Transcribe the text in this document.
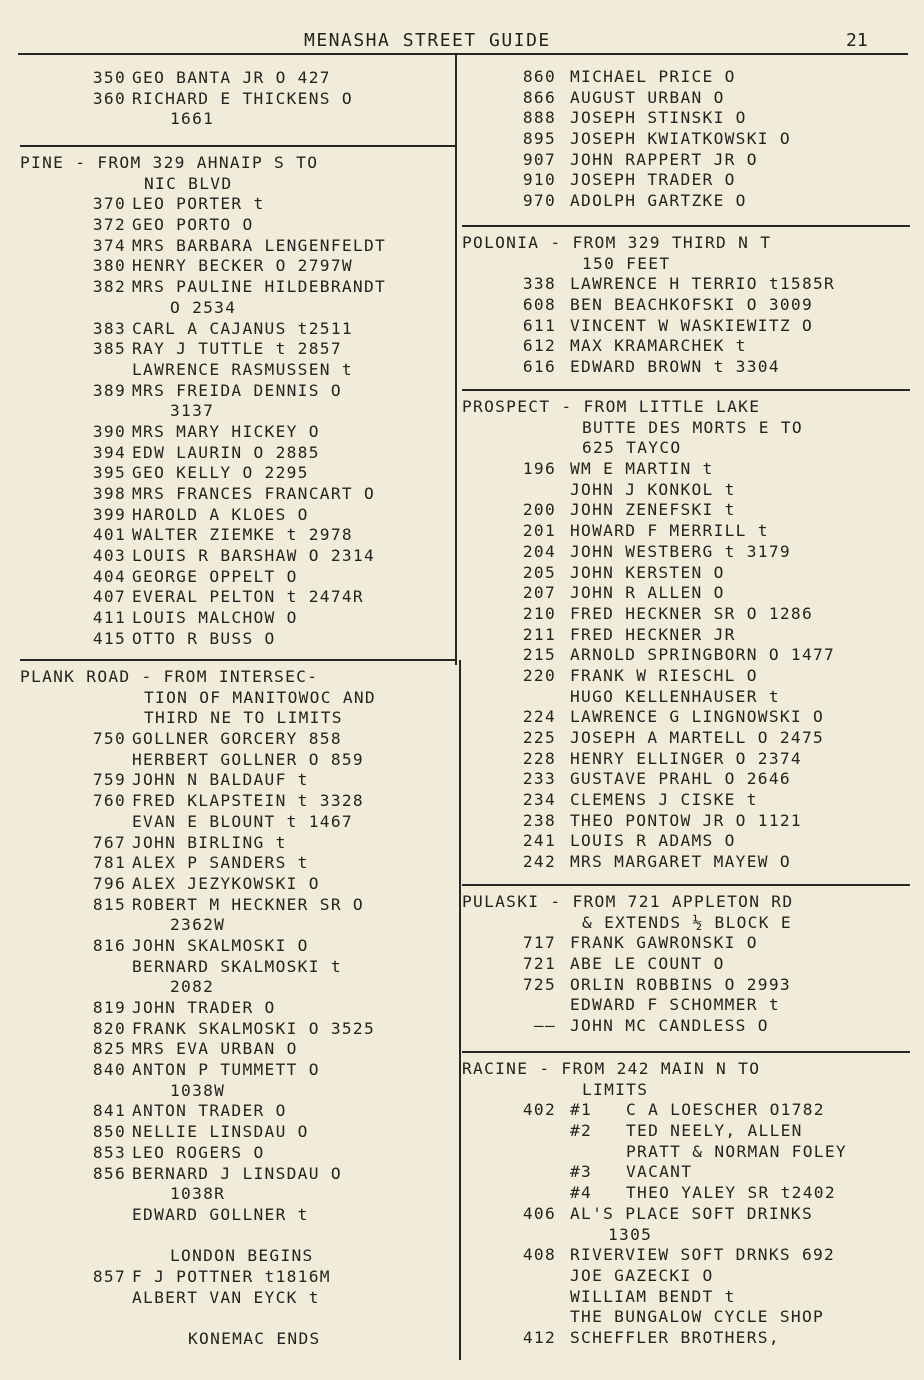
MENASHA STREET GUIDE	21
350 GEO BANTA JR O 427
360 RICHARD E THICKENS O
1661
PINE - FROM 329 AHNAIP S TO
NIC BLVD
370 LEO PORTER t
372 GEO PORTO O
374 MRS BARBARA LENGENFELDT
380 HENRY BECKER O 2797W
382 MRS PAULINE HILDEBRANDT
O 2534
383 CARL A CAJANUS t2511
385 RAY J TUTTLE t 2857
LAWRENCE RASMUSSEN t
389 MRS FREIDA DENNIS O
3137
390 MRS MARY HICKEY O
394 EDW LAURIN O 2885
395 GEO KELLY O 2295
398 MRS FRANCES FRANCART O
399 HAROLD A KLOES O
401 WALTER ZIEMKE t 2978
403 LOUIS R BARSHAW O 2314
404 GEORGE OPPELT O
407 EVERAL PELTON t 2474R
411 LOUIS MALCHOW O
415 OTTO R BUSS O
PLANK ROAD - FROM INTERSEC-
TION OF MANITOWOC AND
THIRD NE TO LIMITS
750 GOLLNER GORCERY 858
HERBERT GOLLNER O 859
759 JOHN N BALDAUF t
760 FRED KLAPSTEIN t 3328
EVAN E BLOUNT t 1467
767 JOHN BIRLING t
781 ALEX P SANDERS t
796 ALEX JEZYKOWSKI O
815 ROBERT M HECKNER SR O
2362W
816 JOHN SKALMOSKI O
BERNARD SKALMOSKI t
2082
819 JOHN TRADER O
820 FRANK SKALMOSKI O 3525
825 MRS EVA URBAN O
840 ANTON P TUMMETT O
1038W
841 ANTON TRADER O
850 NELLIE LINSDAU O
853 LEO ROGERS O
856 BERNARD J LINSDAU O
1038R
EDWARD GOLLNER t
LONDON BEGINS
857 F J POTTNER t1816M
ALBERT VAN EYCK t
KONEMAC ENDS
860 MICHAEL PRICE O
866 AUGUST URBAN O
888 JOSEPH STINSKI O
895 JOSEPH KWIATKOWSKI O
907 JOHN RAPPERT JR O
910 JOSEPH TRADER O
970 ADOLPH GARTZKE O
POLONIA - FROM 329 THIRD N T
150 FEET
338 LAWRENCE H TERRIO t1585R
608 BEN BEACHKOFSKI O 3009
611 VINCENT W WASKIEWITZ O
612 MAX KRAMARCHEK t
616 EDWARD BROWN t 3304
PROSPECT - FROM LITTLE LAKE
BUTTE DES MORTS E TO
625 TAYCO
196 WM E MARTIN t
JOHN J KONKOL t
200 JOHN ZENEFSKI t
201 HOWARD F MERRILL t
204 JOHN WESTBERG t 3179
205 JOHN KERSTEN O
207 JOHN R ALLEN O
210 FRED HECKNER SR O 1286
211 FRED HECKNER JR
215 ARNOLD SPRINGBORN O 1477
220 FRANK W RIESCHL O
HUGO KELLENHAUSER t
224 LAWRENCE G LINGNOWSKI O
225 JOSEPH A MARTELL O 2475
228 HENRY ELLINGER O 2374
233 GUSTAVE PRAHL O 2646
234 CLEMENS J CISKE t
238 THEO PONTOW JR O 1121
241 LOUIS R ADAMS O
242 MRS MARGARET MAYEW O
PULASKI - FROM 721 APPLETON RD
& EXTENDS ½ BLOCK E
717 FRANK GAWRONSKI O
721 ABE LE COUNT O
725 ORLIN ROBBINS O 2993
EDWARD F SCHOMMER t
—— JOHN MC CANDLESS O
RACINE - FROM 242 MAIN N TO
LIMITS
402 #1 C A LOESCHER O1782
#2 TED NEELY, ALLEN
PRATT & NORMAN FOLEY
#3 VACANT
#4 THEO YALEY SR t2402
406 AL'S PLACE SOFT DRINKS
1305
408 RIVERVIEW SOFT DRNKS 692
JOE GAZECKI O
WILLIAM BENDT t
THE BUNGALOW CYCLE SHOP
412 SCHEFFLER BROTHERS,
